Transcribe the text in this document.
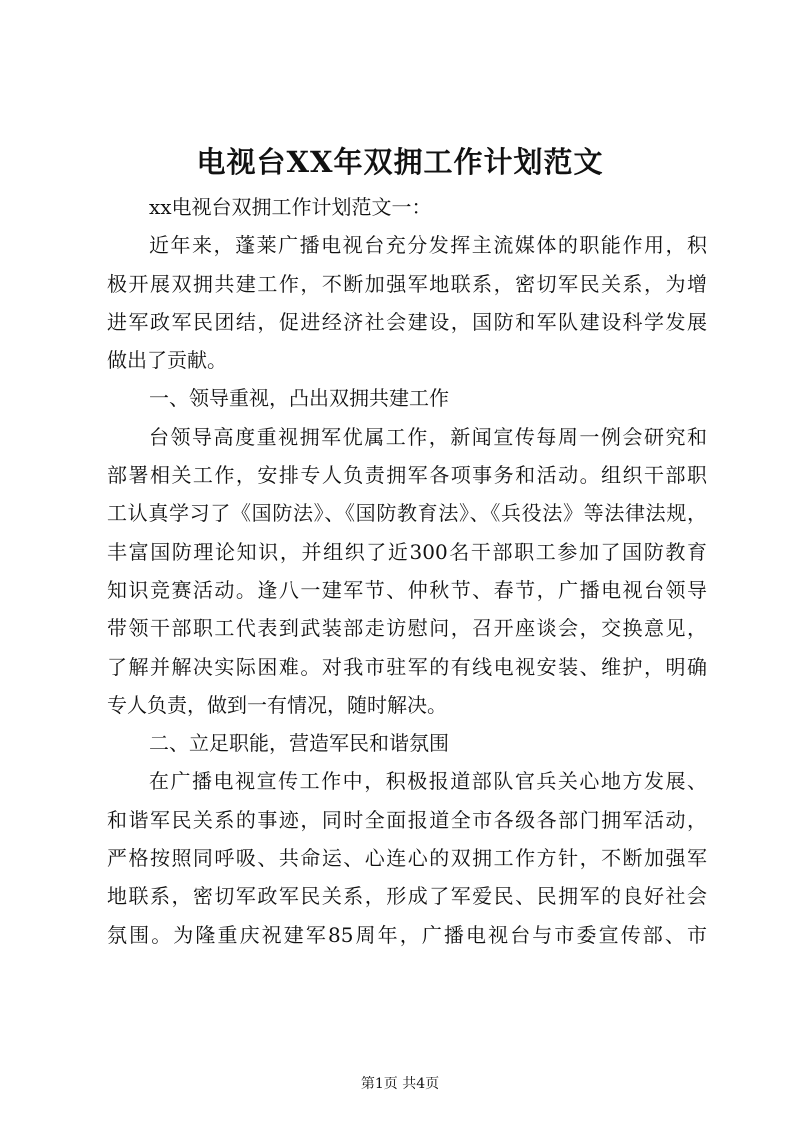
电视台XX年双拥工作计划范文
xx电视台双拥工作计划范文一：
近年来，蓬莱广播电视台充分发挥主流媒体的职能作用，积
极开展双拥共建工作，不断加强军地联系，密切军民关系，为增
进军政军民团结，促进经济社会建设，国防和军队建设科学发展
做出了贡献。
一、领导重视，凸出双拥共建工作
台领导高度重视拥军优属工作，新闻宣传每周一例会研究和
部署相关工作，安排专人负责拥军各项事务和活动。组织干部职
工认真学习了《国防法》、《国防教育法》、《兵役法》等法律法规，
丰富国防理论知识，并组织了近300名干部职工参加了国防教育
知识竞赛活动。逢八一建军节、仲秋节、春节，广播电视台领导
带领干部职工代表到武装部走访慰问，召开座谈会，交换意见，
了解并解决实际困难。对我市驻军的有线电视安装、维护，明确
专人负责，做到一有情况，随时解决。
二、立足职能，营造军民和谐氛围
在广播电视宣传工作中，积极报道部队官兵关心地方发展、
和谐军民关系的事迹，同时全面报道全市各级各部门拥军活动，
严格按照同呼吸、共命运、心连心的双拥工作方针，不断加强军
地联系，密切军政军民关系，形成了军爱民、民拥军的良好社会
氛围。为隆重庆祝建军85周年，广播电视台与市委宣传部、市
第1页 共4页
